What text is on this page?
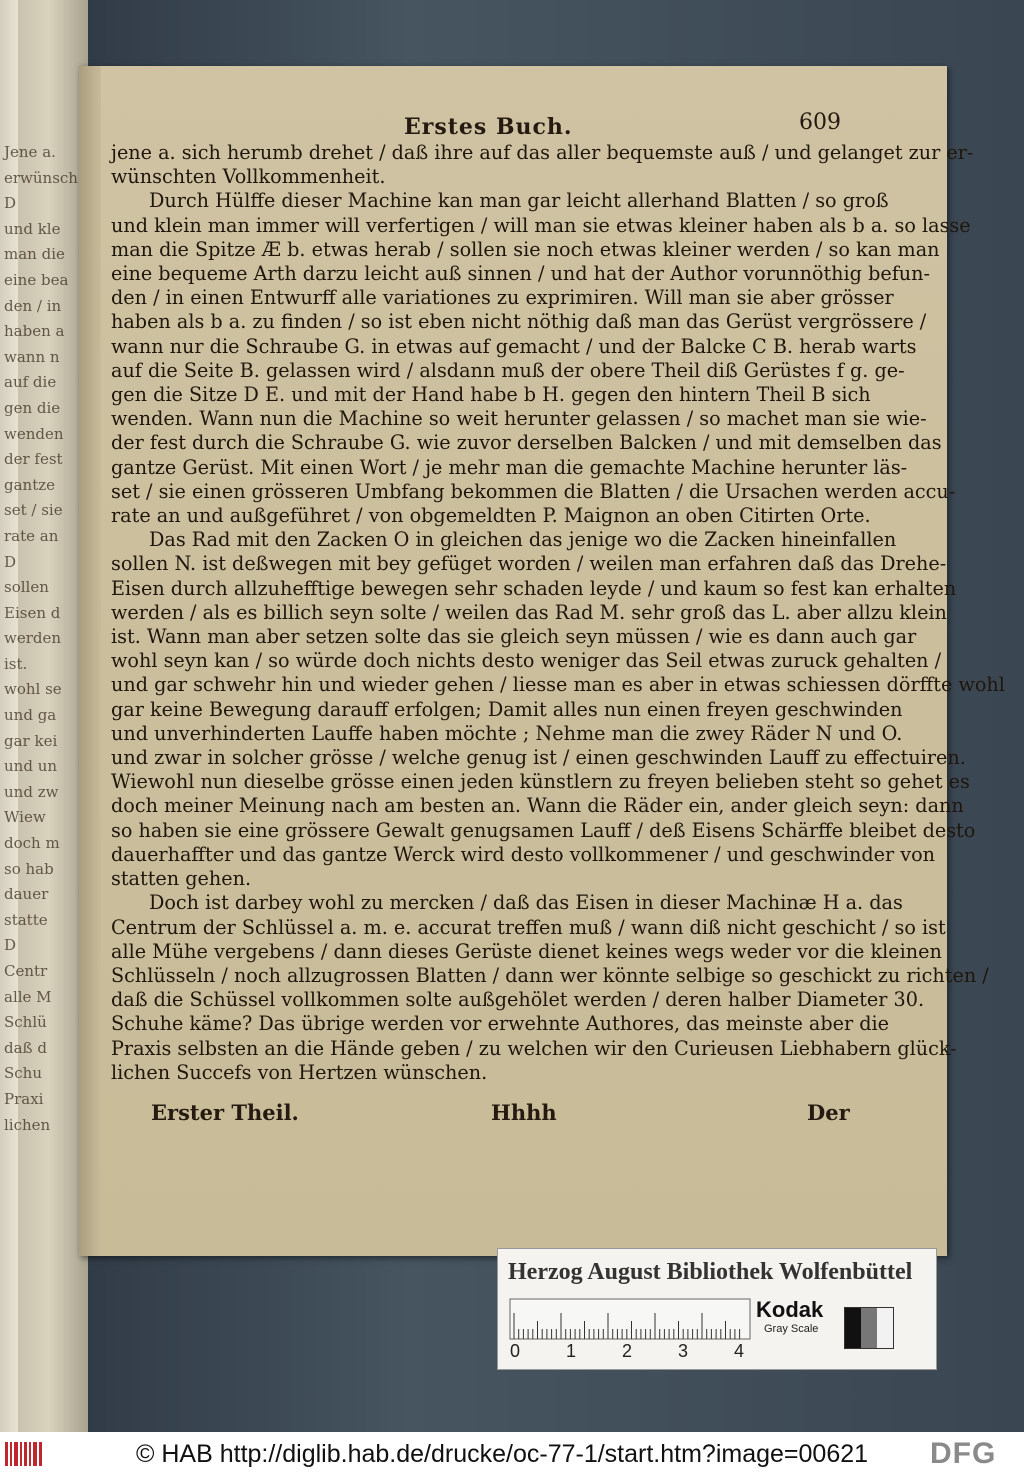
Jene a.
erwünsch
D
und kle
man die
eine bea
den / in
haben a
wann n
auf die
gen die
wenden
der fest
gantze
set / sie
rate an
D
sollen
Eisen d
werden
ist.
wohl se
und ga
gar kei
und un
und zw
Wiew
doch m
so hab
dauer
statte
D
Centr
alle M
Schlü
daß d
Schu
Praxi
lichen
Erstes Buch.	609
jene a. sich herumb drehet / daß ihre auf das aller bequemste auß / und gelanget zur er-
wünschten Vollkommenheit.
Durch Hülffe dieser Machine kan man gar leicht allerhand Blatten / so groß
und klein man immer will verfertigen / will man sie etwas kleiner haben als b a. so lasse
man die Spitze Æ b. etwas herab / sollen sie noch etwas kleiner werden / so kan man
eine bequeme Arth darzu leicht auß sinnen / und hat der Author vorunnöthig befun-
den / in einen Entwurff alle variationes zu exprimiren. Will man sie aber grösser
haben als b a. zu finden / so ist eben nicht nöthig daß man das Gerüst vergrössere /
wann nur die Schraube G. in etwas auf gemacht / und der Balcke C B. herab warts
auf die Seite B. gelassen wird / alsdann muß der obere Theil diß Gerüstes f g. ge-
gen die Sitze D E. und mit der Hand habe b H. gegen den hintern Theil B sich
wenden. Wann nun die Machine so weit herunter gelassen / so machet man sie wie-
der fest durch die Schraube G. wie zuvor derselben Balcken / und mit demselben das
gantze Gerüst. Mit einen Wort / je mehr man die gemachte Machine herunter läs-
set / sie einen grösseren Umbfang bekommen die Blatten / die Ursachen werden accu-
rate an und außgeführet / von obgemeldten P. Maignon an oben Citirten Orte.
Das Rad mit den Zacken O in gleichen das jenige wo die Zacken hineinfallen
sollen N. ist deßwegen mit bey gefüget worden / weilen man erfahren daß das Drehe-
Eisen durch allzuhefftige bewegen sehr schaden leyde / und kaum so fest kan erhalten
werden / als es billich seyn solte / weilen das Rad M. sehr groß das L. aber allzu klein
ist. Wann man aber setzen solte das sie gleich seyn müssen / wie es dann auch gar
wohl seyn kan / so würde doch nichts desto weniger das Seil etwas zuruck gehalten /
und gar schwehr hin und wieder gehen / liesse man es aber in etwas schiessen dörffte wohl
gar keine Bewegung darauff erfolgen; Damit alles nun einen freyen geschwinden
und unverhinderten Lauffe haben möchte ; Nehme man die zwey Räder N und O.
und zwar in solcher grösse / welche genug ist / einen geschwinden Lauff zu effectuiren.
Wiewohl nun dieselbe grösse einen jeden künstlern zu freyen belieben steht so gehet es
doch meiner Meinung nach am besten an. Wann die Räder ein, ander gleich seyn: dann
so haben sie eine grössere Gewalt genugsamen Lauff / deß Eisens Schärffe bleibet desto
dauerhaffter und das gantze Werck wird desto vollkommener / und geschwinder von
statten gehen.
Doch ist darbey wohl zu mercken / daß das Eisen in dieser Machinæ H a. das
Centrum der Schlüssel a. m. e. accurat treffen muß / wann diß nicht geschicht / so ist
alle Mühe vergebens / dann dieses Gerüste dienet keines wegs weder vor die kleinen
Schlüsseln / noch allzugrossen Blatten / dann wer könnte selbige so geschickt zu richten /
daß die Schüssel vollkommen solte außgehölet werden / deren halber Diameter 30.
Schuhe käme? Das übrige werden vor erwehnte Authores, das meinste aber die
Praxis selbsten an die Hände geben / zu welchen wir den Curieusen Liebhabern glück-
lichen Succefs von Hertzen wünschen.
Erster Theil.	Hhhh	Der
Herzog August Bibliothek Wolfenbüttel
0	1	2	3	4
Kodak
Gray Scale
© HAB http://diglib.hab.de/drucke/oc-77-1/start.htm?image=00621 DFG
